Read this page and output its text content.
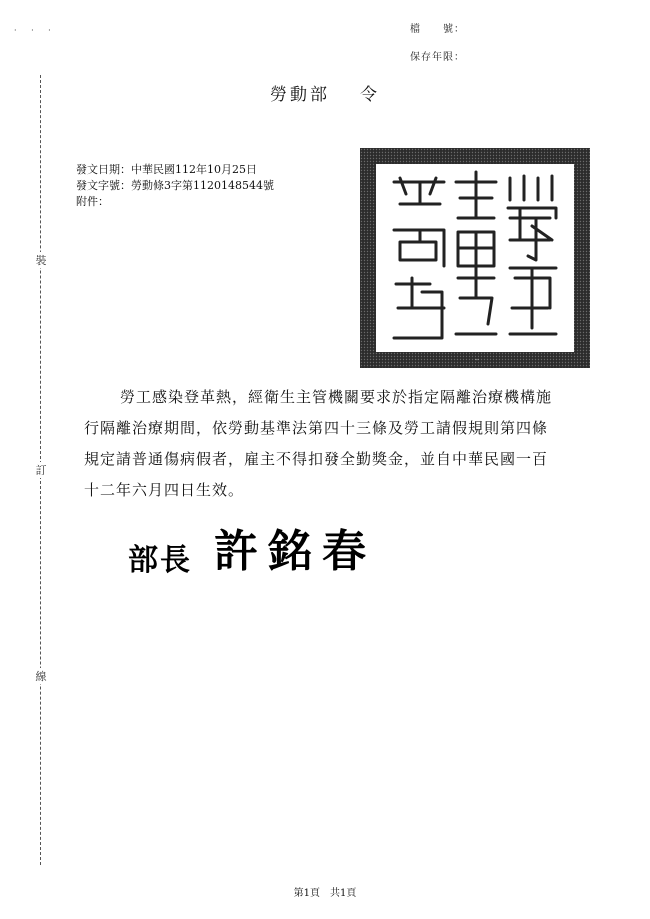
· · ·	檔　　號：
保存年限：
裝
訂
線
勞動部 令
發文日期：中華民國112年10月25日
發文字號：勞動條3字第1120148544號
附件：
勞動部印
勞工感染登革熱，經衛生主管機關要求於指定隔離治療機構施
行隔離治療期間，依勞動基準法第四十三條及勞工請假規則第四條
規定請普通傷病假者，雇主不得扣發全勤獎金，並自中華民國一百
十二年六月四日生效。
部長 許銘春
第1頁　共1頁
